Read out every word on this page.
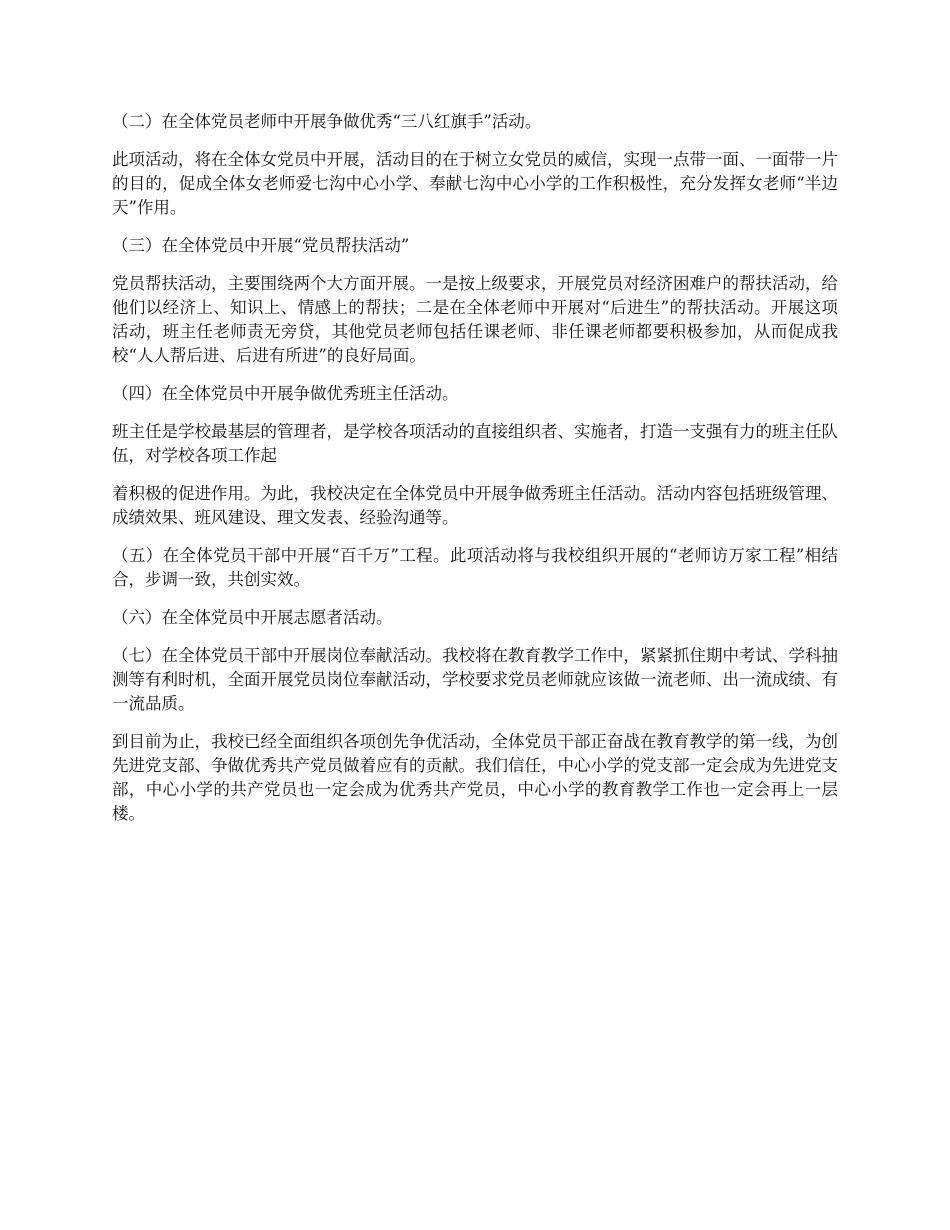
（二）在全体党员老师中开展争做优秀“三八红旗手”活动。

此项活动，将在全体女党员中开展，活动目的在于树立女党员的威信，实现一点带一面、一面带一片的目的，促成全体女老师爱七沟中心小学、奉献七沟中心小学的工作积极性，充分发挥女老师“半边天”作用。

（三）在全体党员中开展“党员帮扶活动”

党员帮扶活动，主要围绕两个大方面开展。一是按上级要求，开展党员对经济困难户的帮扶活动，给他们以经济上、知识上、情感上的帮扶；二是在全体老师中开展对“后进生”的帮扶活动。开展这项活动，班主任老师责无旁贷，其他党员老师包括任课老师、非任课老师都要积极参加，从而促成我校“人人帮后进、后进有所进”的良好局面。

（四）在全体党员中开展争做优秀班主任活动。

班主任是学校最基层的管理者，是学校各项活动的直接组织者、实施者，打造一支强有力的班主任队伍，对学校各项工作起

着积极的促进作用。为此，我校决定在全体党员中开展争做秀班主任活动。活动内容包括班级管理、成绩效果、班风建设、理文发表、经验沟通等。

（五）在全体党员干部中开展“百千万”工程。此项活动将与我校组织开展的“老师访万家工程”相结合，步调一致，共创实效。

（六）在全体党员中开展志愿者活动。

（七）在全体党员干部中开展岗位奉献活动。我校将在教育教学工作中，紧紧抓住期中考试、学科抽测等有利时机，全面开展党员岗位奉献活动，学校要求党员老师就应该做一流老师、出一流成绩、有一流品质。

到目前为止，我校已经全面组织各项创先争优活动，全体党员干部正奋战在教育教学的第一线，为创先进党支部、争做优秀共产党员做着应有的贡献。我们信任，中心小学的党支部一定会成为先进党支部，中心小学的共产党员也一定会成为优秀共产党员，中心小学的教育教学工作也一定会再上一层楼。
